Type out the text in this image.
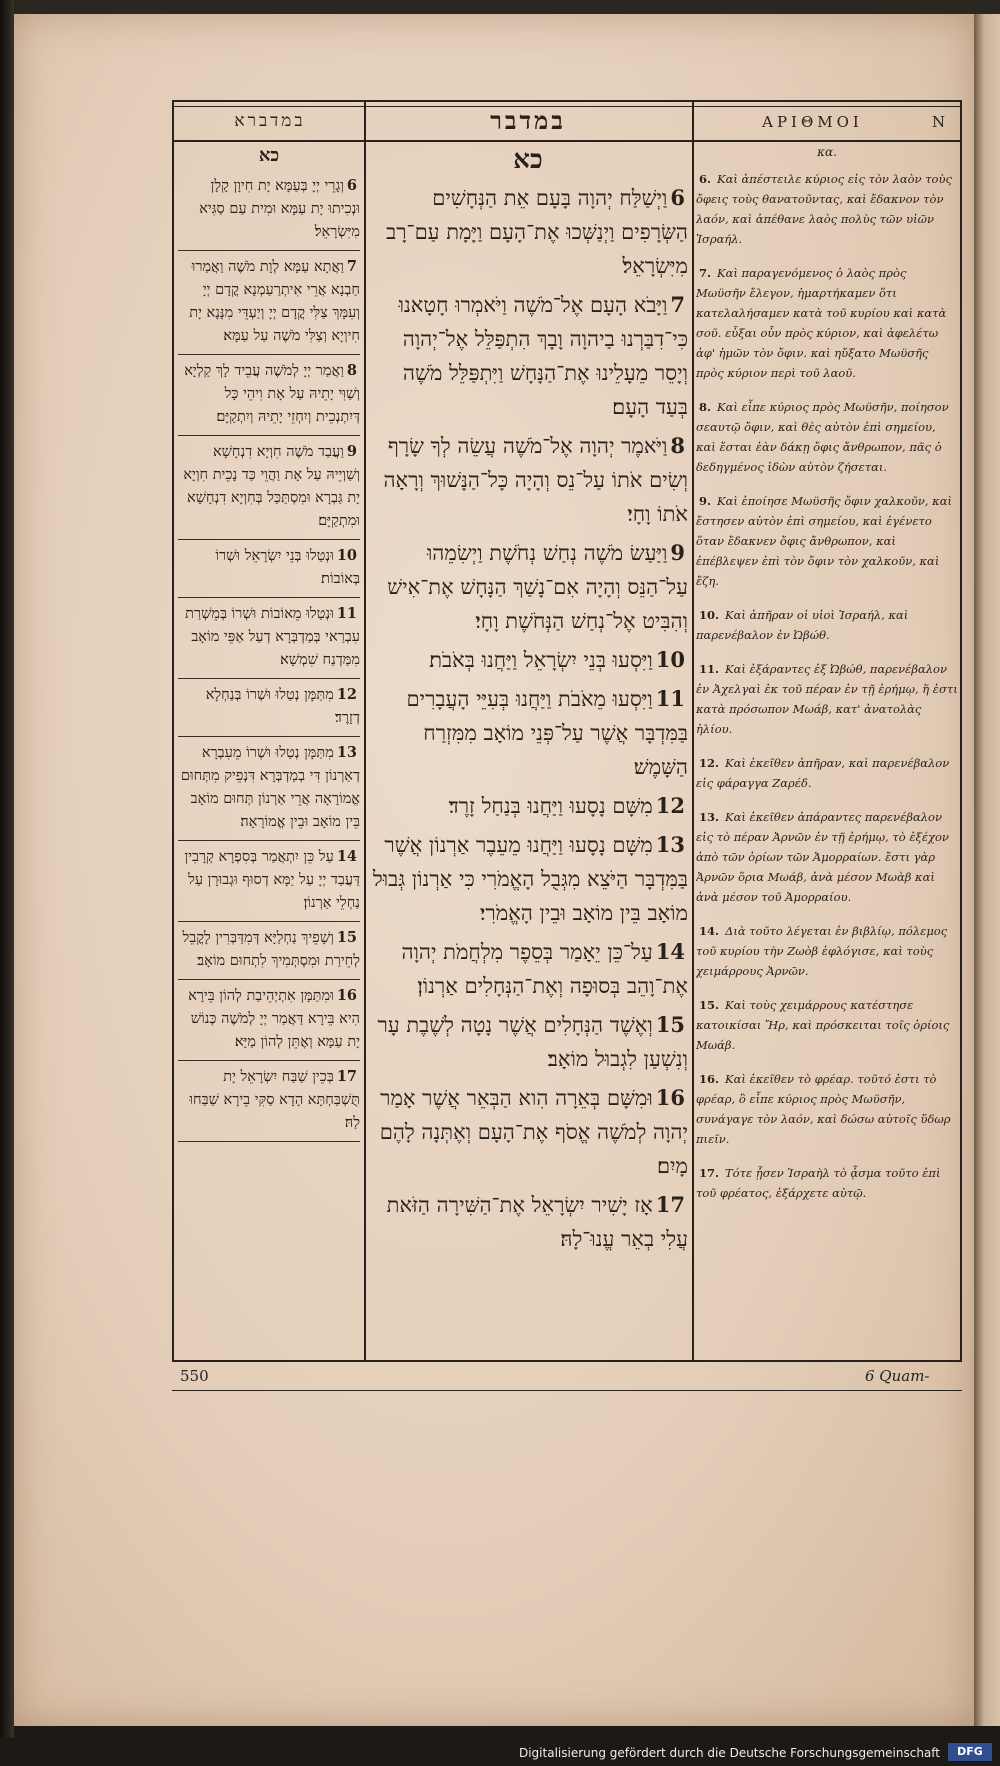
במדברא	במדבר	ΑΡΙΘΜΟΙ	Ν
כא
6וְגָרֵי יְיָ בְּעַמָּא יָת חִיוָן קָלָן וּנְכִיתוּ יָת עַמָּא וּמִית עַם סַגִּיא מִיִּשְׂרָאֵל׃
7וַאֲתָא עַמָּא לְוָת מֹשֶׁה וַאֲמַרוּ חַבְנָא אֲרֵי אִיתְרַעַמְנָא קֳדָם יְיָ וְעִמָּךְ צַלִּי קֳדָם יְיָ וְיַעְדֵּי מִנָּנָא יָת חִיוְיָא וְצַלִּי מֹשֶׁה עַל עַמָּא׃
8וַאֲמַר יְיָ לְמֹשֶׁה עֲבֵיד לָךְ קַלְיָא וְשַׁוִּי יָתֵיהּ עַל אָת וִיהֵי כָּל דְּיִתְנְכֵית וְיִחְזֵי יָתֵיהּ וְיִתְקַיָּם׃
9וַעֲבַד מֹשֶׁה חִוְיָא דִנְחָשָׁא וְשַׁוְיֵיהּ עַל אָת וַהֲוֵי כַּד נָכֵית חִוְיָא יָת גַּבְרָא וּמִסְתַּכַּל בְּחִוְיָא דִנְחָשָׁא וּמִתְקַיָּם׃
10וּנְטַלוּ בְּנֵי יִשְׂרָאֵל וּשְׁרוֹ בְּאוֹבוֹת׃
11וּנְטַלוּ מֵאוֹבוֹת וּשְׁרוֹ בְּמֵשְׁרַת עִבְרַאי בְּמַדְבְּרָא דְעַל אַפֵּי מוֹאָב מִמַּדְנַח שִׁמְשָׁא׃
12מִתַּמָּן נְטַלוּ וּשְׁרוֹ בְּנַחְלָא דְזָרֶד׃
13מִתַּמָּן נְטַלוּ וּשְׁרוֹ מֵעִבְרָא דְאַרְנוֹן דִּי בְמַדְבְּרָא דִּנְפֵיק מִתְּחוּם אֱמוֹרָאָה אֲרֵי אַרְנוֹן תְּחוּם מוֹאָב בֵּין מוֹאָב וּבֵין אֱמוֹרָאָה׃
14עַל כֵּן יִתְאֲמַר בְּסִפְרָא קְרָבִין דַּעֲבַד יְיָ עַל יַמָּא דְסוּף וּגְבוּרָן עַל נַחְלֵי אַרְנוֹן׃
15וְשָׁפֵיךְ נַחְלַיָּא דְּמִדַּבְּרִין לָקֳבֵל לְחֵירַת וּמִסְתְּמִיךְ לִתְחוּם מוֹאָב׃
16וּמִתַּמָּן אִתְיְהֵיבַת לְהוֹן בֵּירָא הִיא בֵּירָא דַּאֲמַר יְיָ לְמֹשֶׁה כְּנוֹשׁ יָת עַמָּא וְאֶתֵּן לְהוֹן מַיָּא׃
17בְּכֵין שַׁבַּח יִשְׂרָאֵל יָת תֻּשְׁבַּחְתָּא הָדָא סַקִּי בֵירָא שַׁבַּחוּ לַהּ׃
כא
6וַיְשַׁלַּח יְהוָה בָּעָם אֵת הַנְּחָשִׁים הַשְּׂרָפִים וַיְנַשְּׁכוּ אֶת־הָעָם וַיָּמָת עַם־רָב מִיִּשְׂרָאֵל׃
7וַיָּבֹא הָעָם אֶל־מֹשֶׁה וַיֹּאמְרוּ חָטָאנוּ כִּי־דִבַּרְנוּ בַיהוָה וָבָךְ הִתְפַּלֵּל אֶל־יְהוָה וְיָסֵר מֵעָלֵינוּ אֶת־הַנָּחָשׁ וַיִּתְפַּלֵּל מֹשֶׁה בְּעַד הָעָם׃
8וַיֹּאמֶר יְהוָה אֶל־מֹשֶׁה עֲשֵׂה לְךָ שָׂרָף וְשִׂים אֹתוֹ עַל־נֵס וְהָיָה כָּל־הַנָּשׁוּךְ וְרָאָה אֹתוֹ וָחָי׃
9וַיַּעַשׂ מֹשֶׁה נְחַשׁ נְחֹשֶׁת וַיְשִׂמֵהוּ עַל־הַנֵּס וְהָיָה אִם־נָשַׁךְ הַנָּחָשׁ אֶת־אִישׁ וְהִבִּיט אֶל־נְחַשׁ הַנְּחֹשֶׁת וָחָי׃
10וַיִּסְעוּ בְּנֵי יִשְׂרָאֵל וַיַּחֲנוּ בְּאֹבֹת׃
11וַיִּסְעוּ מֵאֹבֹת וַיַּחֲנוּ בְּעִיֵּי הָעֲבָרִים בַּמִּדְבָּר אֲשֶׁר עַל־פְּנֵי מוֹאָב מִמִּזְרַח הַשָּׁמֶשׁ׃
12מִשָּׁם נָסָעוּ וַיַּחֲנוּ בְּנַחַל זָרֶד׃
13מִשָּׁם נָסָעוּ וַיַּחֲנוּ מֵעֵבֶר אַרְנוֹן אֲשֶׁר בַּמִּדְבָּר הַיֹּצֵא מִגְּבֻל הָאֱמֹרִי כִּי אַרְנוֹן גְּבוּל מוֹאָב בֵּין מוֹאָב וּבֵין הָאֱמֹרִי׃
14עַל־כֵּן יֵאָמַר בְּסֵפֶר מִלְחֲמֹת יְהוָה אֶת־וָהֵב בְּסוּפָה וְאֶת־הַנְּחָלִים אַרְנוֹן׃
15וְאֶשֶׁד הַנְּחָלִים אֲשֶׁר נָטָה לְשֶׁבֶת עָר וְנִשְׁעַן לִגְבוּל מוֹאָב׃
16וּמִשָּׁם בְּאֵרָה הִוא הַבְּאֵר אֲשֶׁר אָמַר יְהוָה לְמֹשֶׁה אֱסֹף אֶת־הָעָם וְאֶתְּנָה לָהֶם מָיִם׃
17אָז יָשִׁיר יִשְׂרָאֵל אֶת־הַשִּׁירָה הַזֹּאת עֲלִי בְאֵר עֱנוּ־לָהּ׃
κα.
6. Καὶ ἀπέστειλε κύριος εἰς τὸν λαὸν τοὺς ὄφεις τοὺς θανατοῦντας, καὶ ἔδακνον τὸν λαόν, καὶ ἀπέθανε λαὸς πολὺς τῶν υἱῶν Ἰσραήλ.
7. Καὶ παραγενόμενος ὁ λαὸς πρὸς Μωϋσῆν ἔλεγον, ἡμαρτήκαμεν ὅτι κατελαλήσαμεν κατὰ τοῦ κυρίου καὶ κατὰ σοῦ. εὖξαι οὖν πρὸς κύριον, καὶ ἀφελέτω ἀφ' ἡμῶν τὸν ὄφιν. καὶ ηὔξατο Μωϋσῆς πρὸς κύριον περὶ τοῦ λαοῦ.
8. Καὶ εἶπε κύριος πρὸς Μωϋσῆν, ποίησον σεαυτῷ ὄφιν, καὶ θὲς αὐτὸν ἐπὶ σημείου, καὶ ἔσται ἐὰν δάκῃ ὄφις ἄνθρωπον, πᾶς ὁ δεδηγμένος ἰδὼν αὐτὸν ζήσεται.
9. Καὶ ἐποίησε Μωϋσῆς ὄφιν χαλκοῦν, καὶ ἔστησεν αὐτὸν ἐπὶ σημείου, καὶ ἐγένετο ὅταν ἔδακνεν ὄφις ἄνθρωπον, καὶ ἐπέβλεψεν ἐπὶ τὸν ὄφιν τὸν χαλκοῦν, καὶ ἔζη.
10. Καὶ ἀπῆραν οἱ υἱοὶ Ἰσραήλ, καὶ παρενέβαλον ἐν Ὠβώθ.
11. Καὶ ἐξάραντες ἐξ Ὠβώθ, παρενέβαλον ἐν Ἀχελγαὶ ἐκ τοῦ πέραν ἐν τῇ ἐρήμῳ, ἥ ἐστι κατὰ πρόσωπον Μωάβ, κατ' ἀνατολὰς ἡλίου.
12. Καὶ ἐκεῖθεν ἀπῆραν, καὶ παρενέβαλον εἰς φάραγγα Ζαρέδ.
13. Καὶ ἐκεῖθεν ἀπάραντες παρενέβαλον εἰς τὸ πέραν Ἀρνῶν ἐν τῇ ἐρήμῳ, τὸ ἐξέχον ἀπὸ τῶν ὁρίων τῶν Ἀμορραίων. ἔστι γὰρ Ἀρνῶν ὅρια Μωάβ, ἀνὰ μέσον Μωὰβ καὶ ἀνὰ μέσον τοῦ Ἀμορραίου.
14. Διὰ τοῦτο λέγεται ἐν βιβλίῳ, πόλεμος τοῦ κυρίου τὴν Ζωὸβ ἐφλόγισε, καὶ τοὺς χειμάρρους Ἀρνῶν.
15. Καὶ τοὺς χειμάρρους κατέστησε κατοικίσαι Ἤρ, καὶ πρόσκειται τοῖς ὁρίοις Μωάβ.
16. Καὶ ἐκεῖθεν τὸ φρέαρ. τοῦτό ἐστι τὸ φρέαρ, ὃ εἶπε κύριος πρὸς Μωϋσῆν, συνάγαγε τὸν λαόν, καὶ δώσω αὐτοῖς ὕδωρ πιεῖν.
17. Τότε ᾖσεν Ἰσραὴλ τὸ ᾆσμα τοῦτο ἐπὶ τοῦ φρέατος, ἐξάρχετε αὐτῷ.
550	6 Quam-
Digitalisierung gefördert durch die Deutsche Forschungsgemeinschaft	DFG
